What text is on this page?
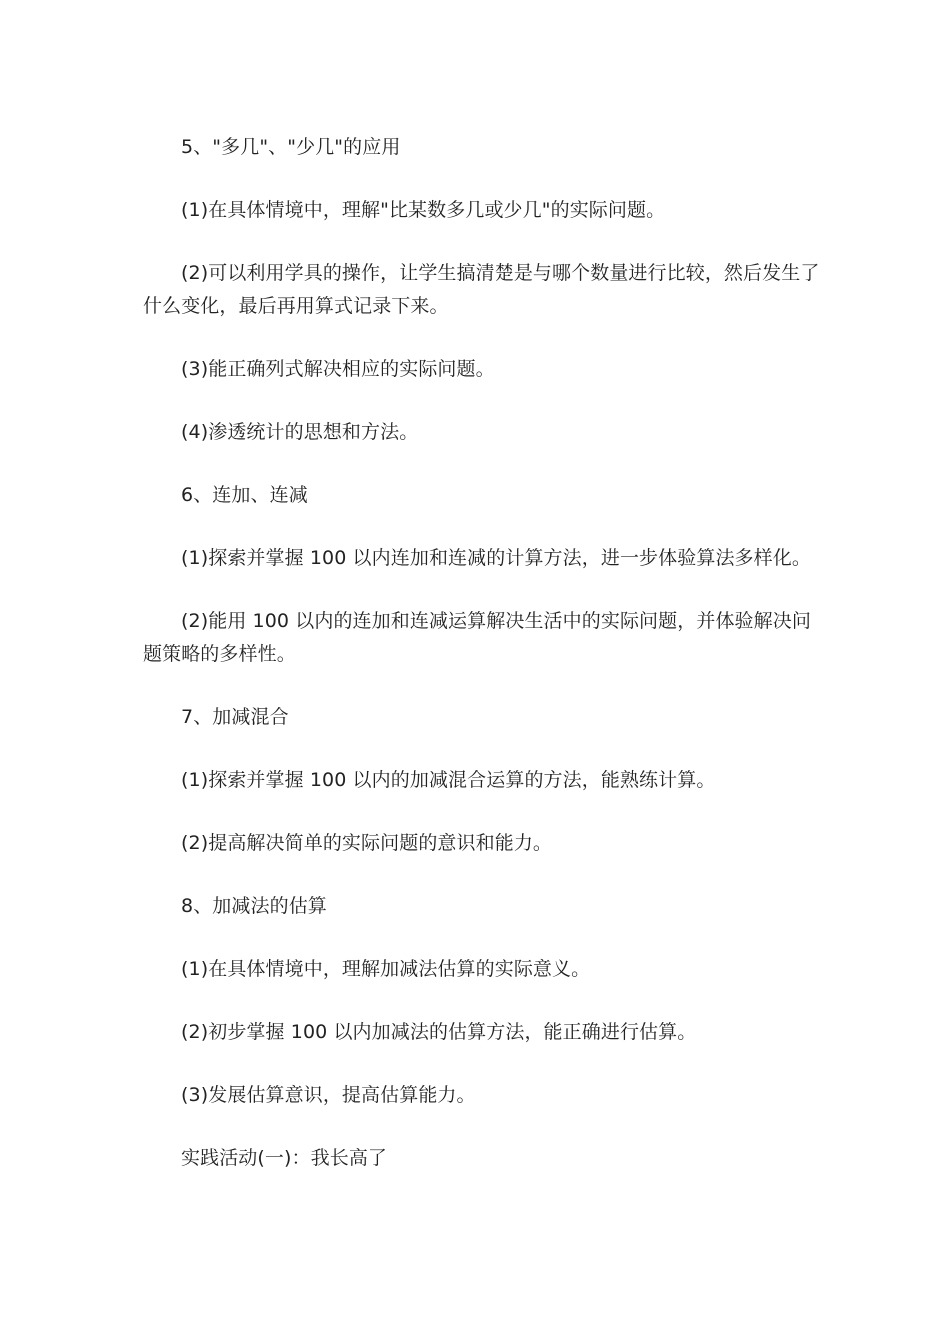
5、"多几"、"少几"的应用

(1)在具体情境中，理解"比某数多几或少几"的实际问题。

(2)可以利用学具的操作，让学生搞清楚是与哪个数量进行比较，然后发生了什么变化，最后再用算式记录下来。

(3)能正确列式解决相应的实际问题。

(4)渗透统计的思想和方法。

6、连加、连减

(1)探索并掌握 100 以内连加和连减的计算方法，进一步体验算法多样化。

(2)能用 100 以内的连加和连减运算解决生活中的实际问题，并体验解决问题策略的多样性。

7、加减混合

(1)探索并掌握 100 以内的加减混合运算的方法，能熟练计算。

(2)提高解决简单的实际问题的意识和能力。

8、加减法的估算

(1)在具体情境中，理解加减法估算的实际意义。

(2)初步掌握 100 以内加减法的估算方法，能正确进行估算。

(3)发展估算意识，提高估算能力。

实践活动(一)：我长高了
